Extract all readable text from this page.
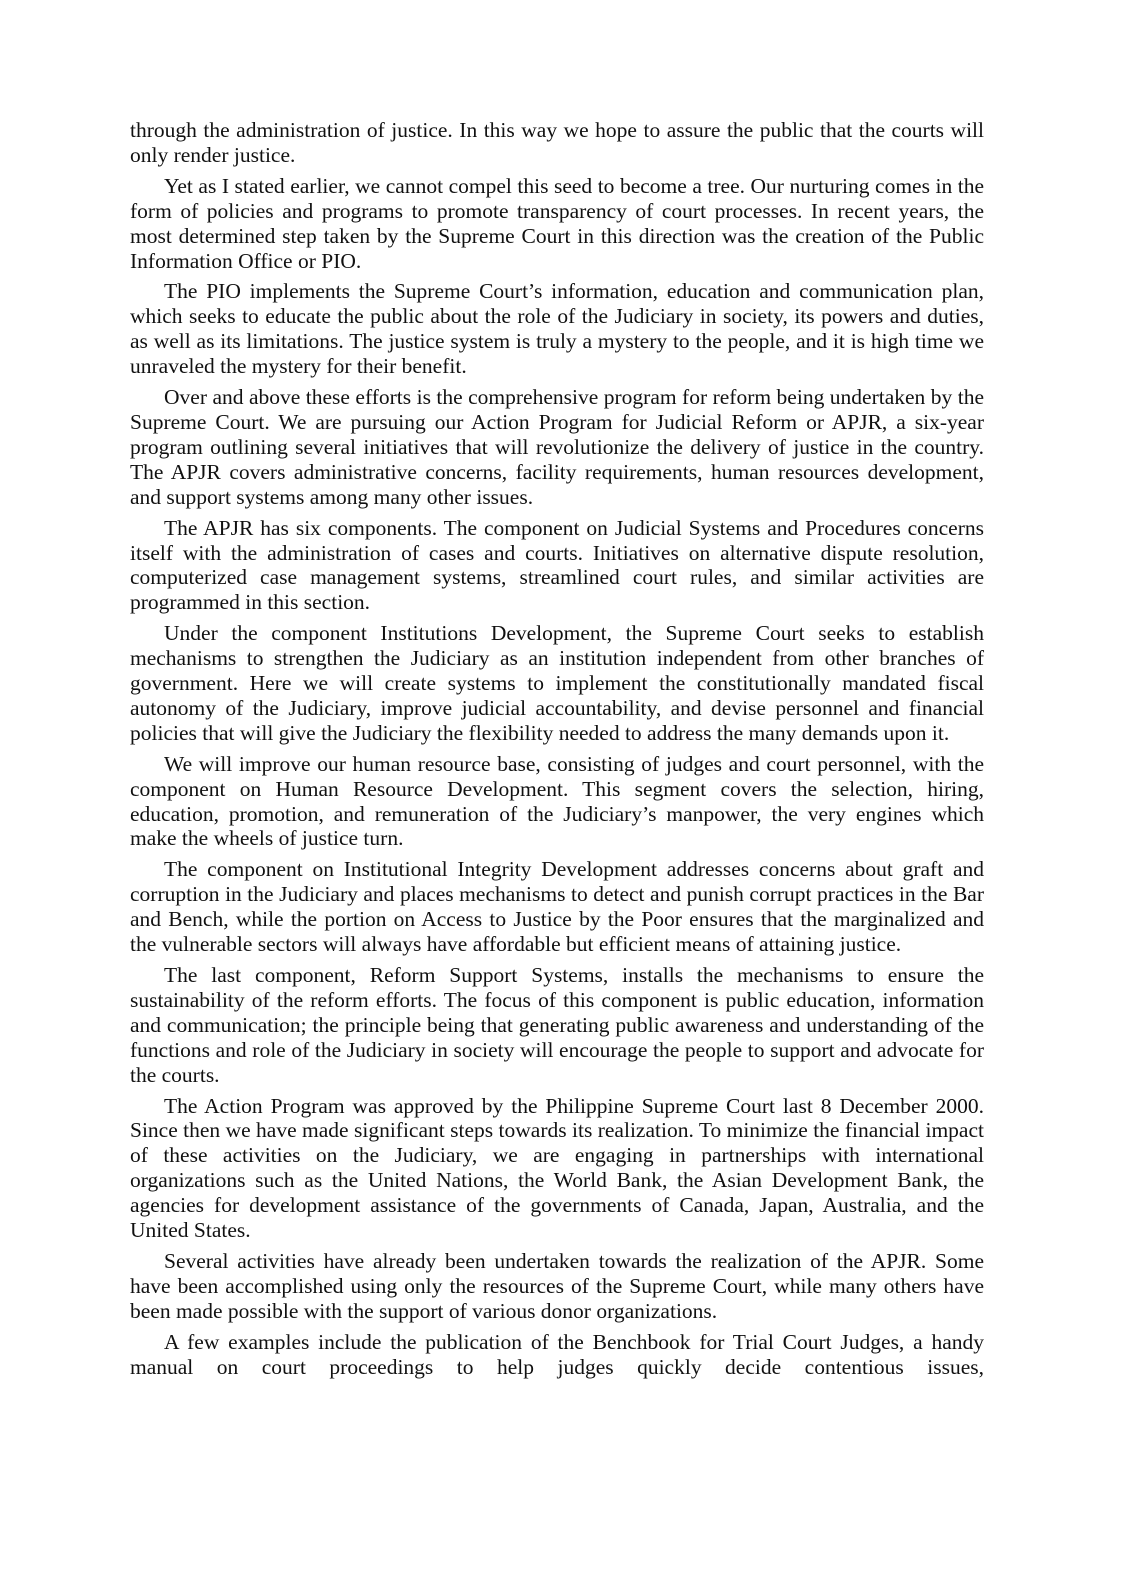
through the administration of justice. In this way we hope to assure the public that the courts will only render justice.

Yet as I stated earlier, we cannot compel this seed to become a tree. Our nurturing comes in the form of policies and programs to promote transparency of court processes. In recent years, the most determined step taken by the Supreme Court in this direction was the creation of the Public Information Office or PIO.

The PIO implements the Supreme Court’s information, education and communication plan, which seeks to educate the public about the role of the Judiciary in society, its powers and duties, as well as its limitations. The justice system is truly a mystery to the people, and it is high time we unraveled the mystery for their benefit.

Over and above these efforts is the comprehensive program for reform being undertaken by the Supreme Court. We are pursuing our Action Program for Judicial Reform or APJR, a six-year program outlining several initiatives that will revolutionize the delivery of justice in the country. The APJR covers administrative concerns, facility requirements, human resources development, and support systems among many other issues.

The APJR has six components. The component on Judicial Systems and Procedures concerns itself with the administration of cases and courts. Initiatives on alternative dispute resolution, computerized case management systems, streamlined court rules, and similar activities are programmed in this section.

Under the component Institutions Development, the Supreme Court seeks to establish mechanisms to strengthen the Judiciary as an institution independent from other branches of government. Here we will create systems to implement the constitutionally mandated fiscal autonomy of the Judiciary, improve judicial accountability, and devise personnel and financial policies that will give the Judiciary the flexibility needed to address the many demands upon it.

We will improve our human resource base, consisting of judges and court personnel, with the component on Human Resource Development. This segment covers the selection, hiring, education, promotion, and remuneration of the Judiciary’s manpower, the very engines which make the wheels of justice turn.

The component on Institutional Integrity Development addresses concerns about graft and corruption in the Judiciary and places mechanisms to detect and punish corrupt practices in the Bar and Bench, while the portion on Access to Justice by the Poor ensures that the marginalized and the vulnerable sectors will always have affordable but efficient means of attaining justice.

The last component, Reform Support Systems, installs the mechanisms to ensure the sustainability of the reform efforts. The focus of this component is public education, information and communication; the principle being that generating public awareness and understanding of the functions and role of the Judiciary in society will encourage the people to support and advocate for the courts.

The Action Program was approved by the Philippine Supreme Court last 8 December 2000. Since then we have made significant steps towards its realization. To minimize the financial impact of these activities on the Judiciary, we are engaging in partnerships with international organizations such as the United Nations, the World Bank, the Asian Development Bank, the agencies for development assistance of the governments of Canada, Japan, Australia, and the United States.

Several activities have already been undertaken towards the realization of the APJR. Some have been accomplished using only the resources of the Supreme Court, while many others have been made possible with the support of various donor organizations.

A few examples include the publication of the Benchbook for Trial Court Judges, a handy manual on court proceedings to help judges quickly decide contentious issues,
